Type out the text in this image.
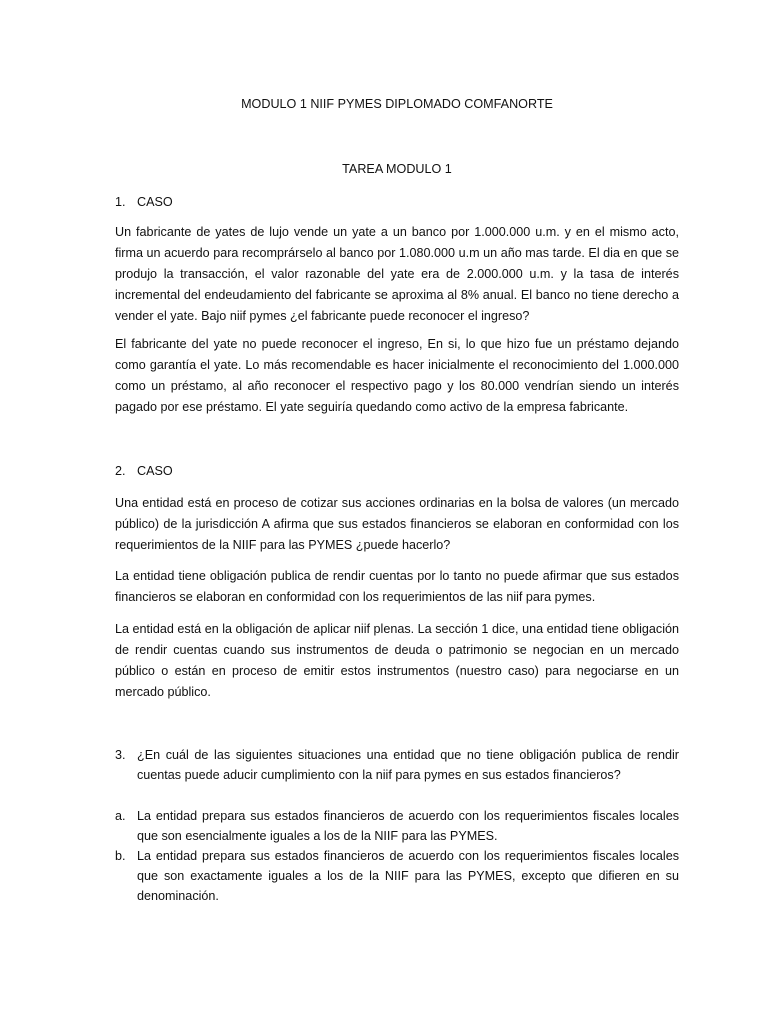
MODULO 1 NIIF PYMES DIPLOMADO COMFANORTE
TAREA MODULO 1
1. CASO
Un fabricante de yates de lujo vende un yate a un banco por 1.000.000 u.m. y en el mismo acto, firma un acuerdo para recomprárselo al banco por 1.080.000 u.m un año mas tarde. El dia en que se produjo la transacción, el valor razonable del yate era de 2.000.000 u.m. y la tasa de interés incremental del endeudamiento del fabricante se aproxima al 8% anual. El banco no tiene derecho a vender el yate. Bajo niif pymes ¿el fabricante puede reconocer el ingreso?
El fabricante del yate no puede reconocer el ingreso, En si, lo que hizo fue un préstamo dejando como garantía el yate. Lo más recomendable es hacer inicialmente el reconocimiento del 1.000.000 como un préstamo, al año reconocer el respectivo pago y los 80.000 vendrían siendo un interés pagado por ese préstamo. El yate seguiría quedando como activo de la empresa fabricante.
2. CASO
Una entidad está en proceso de cotizar sus acciones ordinarias en la bolsa de valores (un mercado público) de la jurisdicción A afirma que sus estados financieros se elaboran en conformidad con los requerimientos de la NIIF para las PYMES ¿puede hacerlo?
La entidad tiene obligación publica de rendir cuentas por lo tanto no puede afirmar que sus estados financieros se elaboran en conformidad con los requerimientos de las niif para pymes.
La entidad está en la obligación de aplicar niif plenas. La sección 1 dice, una entidad tiene obligación de rendir cuentas cuando sus instrumentos de deuda o patrimonio se negocian en un mercado público o están en proceso de emitir estos instrumentos (nuestro caso) para negociarse en un mercado público.
3. ¿En cuál de las siguientes situaciones una entidad que no tiene obligación publica de rendir cuentas puede aducir cumplimiento con la niif para pymes en sus estados financieros?
a. La entidad prepara sus estados financieros de acuerdo con los requerimientos fiscales locales que son esencialmente iguales a los de la NIIF para las PYMES.
b. La entidad prepara sus estados financieros de acuerdo con los requerimientos fiscales locales que son exactamente iguales a los de la NIIF para las PYMES, excepto que difieren en su denominación.
